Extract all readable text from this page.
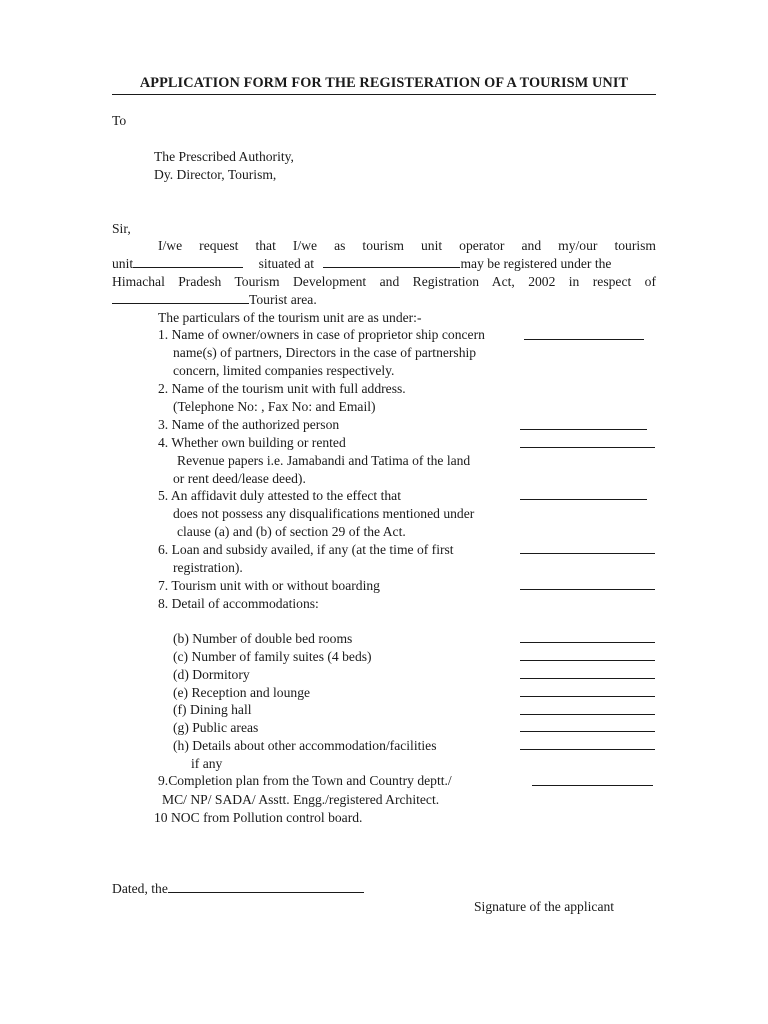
APPLICATION FORM FOR THE REGISTERATION OF A TOURISM UNIT
To
The Prescribed Authority,
Dy. Director, Tourism,
Sir,
I/we request that I/we as tourism unit operator and my/our tourism
unit	situated at	may be registered under the
Himachal Pradesh Tourism Development and Registration Act, 2002 in respect of
Tourist area.
The particulars of the tourism unit are as under:-
1. Name of owner/owners in case of proprietor ship concern
name(s) of partners, Directors in the case of partnership
concern, limited companies respectively.
2. Name of the tourism unit with full address.
(Telephone No: , Fax No: and Email)
3. Name of the authorized person
4. Whether own building or rented
Revenue papers i.e. Jamabandi and Tatima of the land
or rent deed/lease deed).
5. An affidavit duly attested to the effect that
does not possess any disqualifications mentioned under
clause (a) and (b) of section 29 of the Act.
6. Loan and subsidy availed, if any (at the time of first
registration).
7. Tourism unit with or without boarding
8. Detail of accommodations:
(b) Number of double bed rooms
(c) Number of family suites (4 beds)
(d) Dormitory
(e) Reception and lounge
(f) Dining hall
(g) Public areas
(h) Details about other accommodation/facilities
if any
9.Completion plan from the Town and Country deptt./
MC/ NP/ SADA/ Asstt. Engg./registered Architect.
10 NOC from Pollution control board.
Dated, the
Signature of the applicant
